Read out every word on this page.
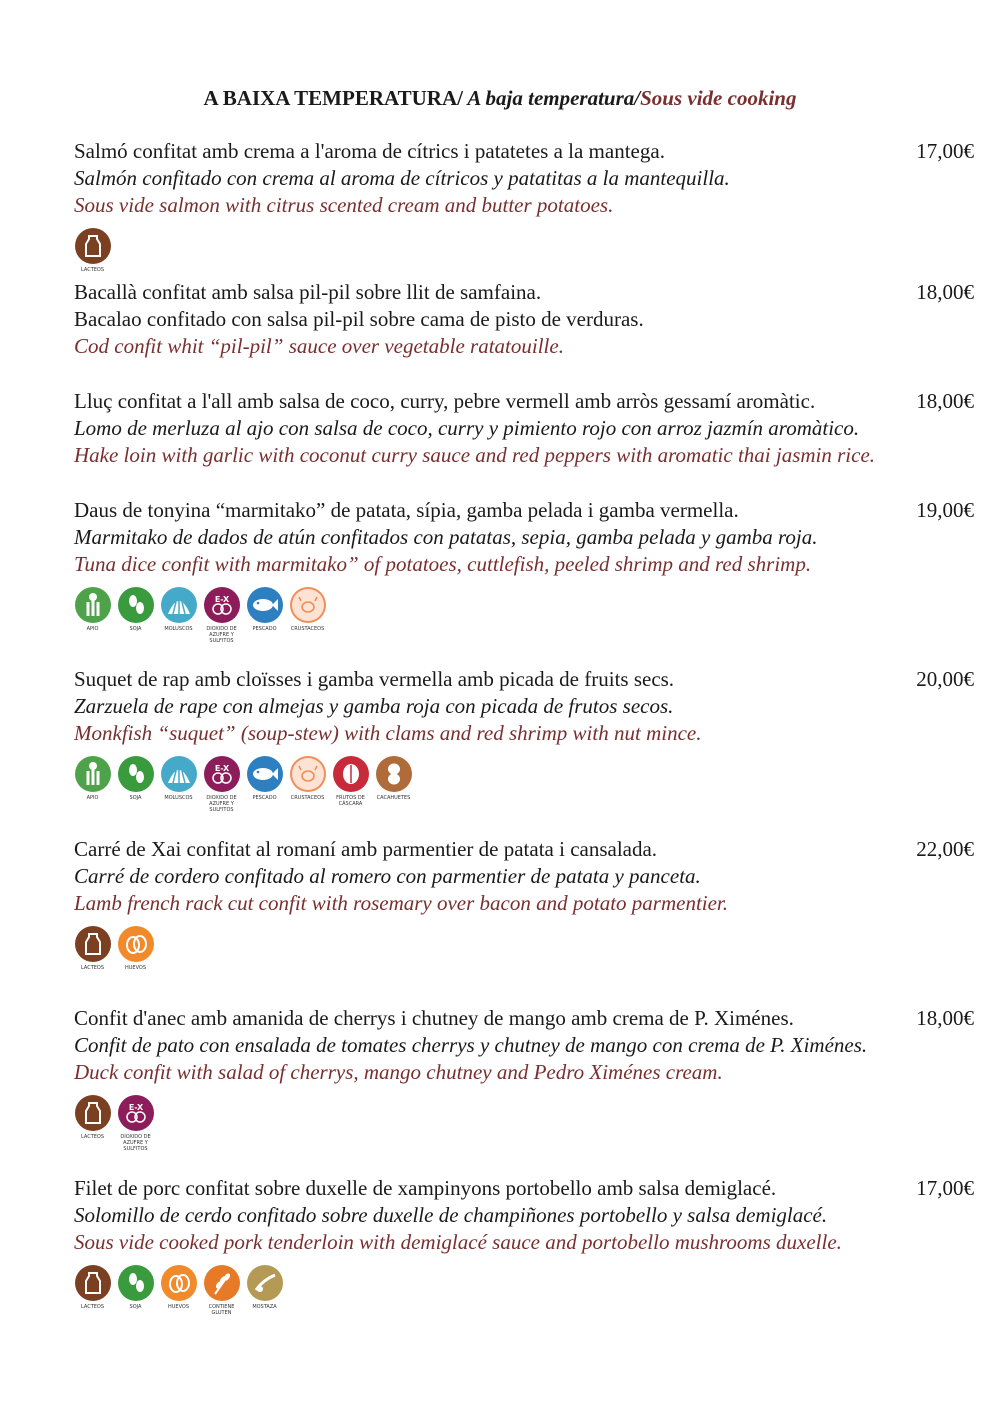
A BAIXA TEMPERATURA/ A baja temperatura/Sous vide cooking
Salmó confitat amb crema a l'aroma de cítrics i patatetes a la mantega.	17,00€
Salmón confitado con crema al aroma de cítricos y patatitas a la mantequilla.
Sous vide salmon with citrus scented cream and butter potatoes.
LACTEOS
Bacallà confitat amb salsa pil-pil sobre llit de samfaina.	18,00€
Bacalao confitado con salsa pil-pil sobre cama de pisto de verduras.
Cod confit whit “pil-pil” sauce over vegetable ratatouille.
Lluç confitat a l'all amb salsa de coco, curry, pebre vermell amb arròs gessamí aromàtic.	18,00€
Lomo de merluza al ajo con salsa de coco, curry y pimiento rojo con arroz jazmín aromàtico.
Hake loin with garlic with coconut curry sauce and red peppers with aromatic thai jasmin rice.
Daus de tonyina “marmitako” de patata, sípia, gamba pelada i gamba vermella.	19,00€
Marmitako de dados de atún confitados con patatas, sepia, gamba pelada y gamba roja.
Tuna dice confit with marmitako” of potatoes, cuttlefish, peeled shrimp and red shrimp.
APIO	SOJA	MOLUSCOS
E-X
DIOXIDO DE AZUFRE Y SULFITOS
PESCADO	CRUSTACEOS
Suquet de rap amb cloïsses i gamba vermella amb picada de fruits secs.	20,00€
Zarzuela de rape con almejas y gamba roja con picada de frutos secos.
Monkfish “suquet” (soup-stew) with clams and red shrimp with nut mince.
APIO	SOJA	MOLUSCOS
E-X
DIOXIDO DE AZUFRE Y SULFITOS
PESCADO	CRUSTACEOS	FRUTOS DE CÁSCARA
CACAHUETES
Carré de Xai confitat al romaní amb parmentier de patata i cansalada.	22,00€
Carré de cordero confitado al romero con parmentier de patata y panceta.
Lamb french rack cut confit with rosemary over bacon and potato parmentier.
LACTEOS	HUEVOS
Confit d'anec amb amanida de cherrys i chutney de mango amb crema de P. Ximénes.	18,00€
Confit de pato con ensalada de tomates cherrys y chutney de mango con crema de P. Ximénes.
Duck confit with salad of cherrys, mango chutney and Pedro Ximénes cream.
LACTEOS
E-X
DIOXIDO DE AZUFRE Y SULFITOS
Filet de porc confitat sobre duxelle de xampinyons portobello amb salsa demiglacé.	17,00€
Solomillo de cerdo confitado sobre duxelle de champiñones portobello y salsa demiglacé.
Sous vide cooked pork tenderloin with demiglacé sauce and portobello mushrooms duxelle.
LACTEOS	SOJA	HUEVOS	CONTIENE GLUTEN
MOSTAZA
